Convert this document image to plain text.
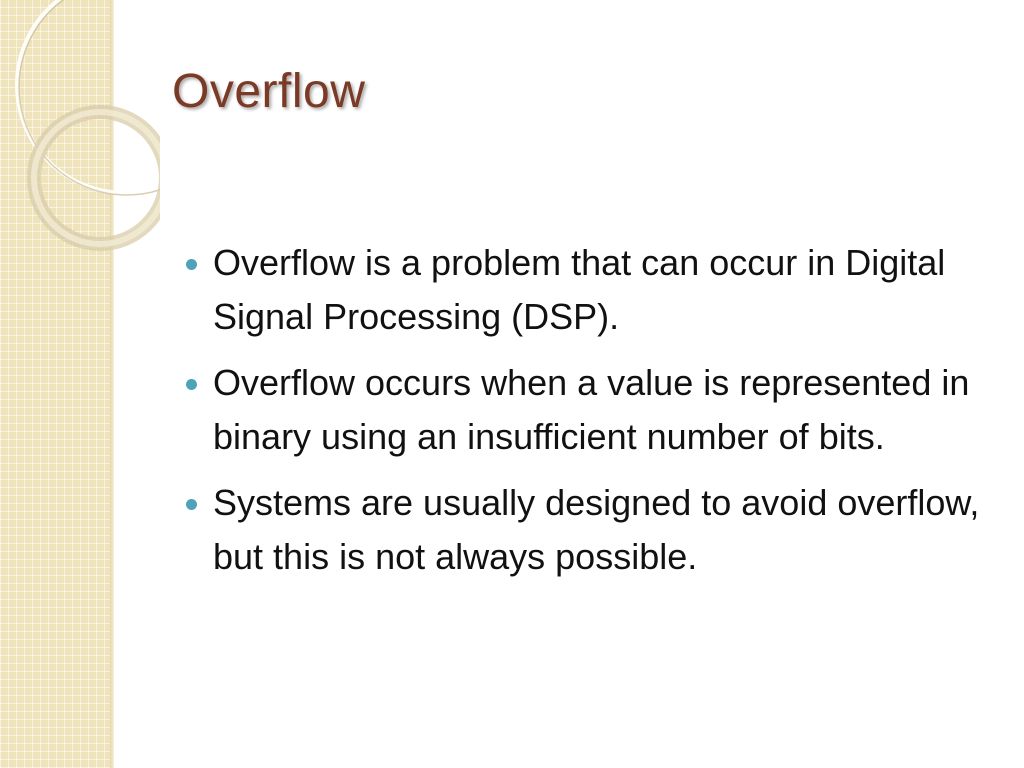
Overflow
Overflow is a problem that can occur in Digital Signal Processing (DSP).
Overflow occurs when a value is represented in binary using an insufficient number of bits.
Systems are usually designed to avoid overflow, but this is not always possible.
